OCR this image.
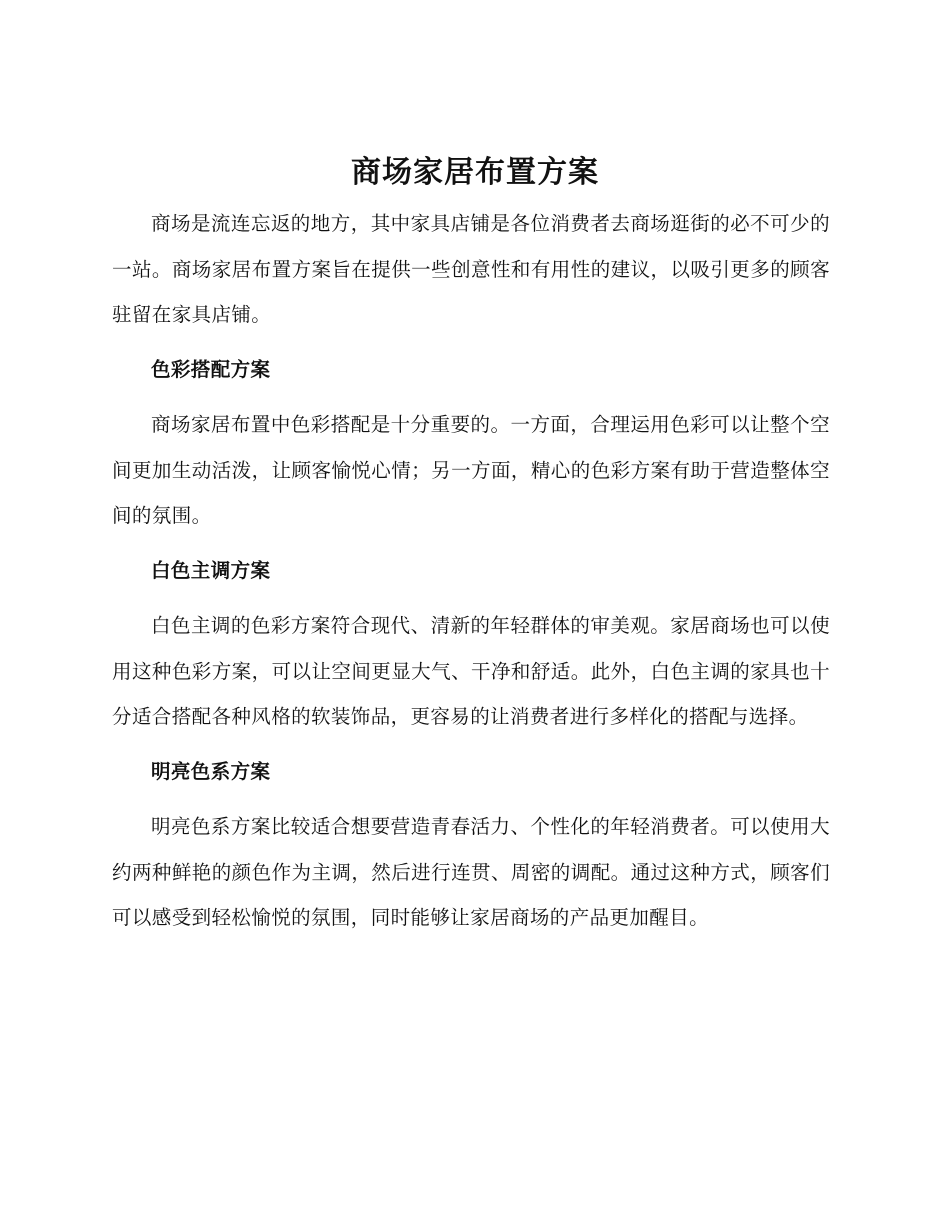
商场家居布置方案

商场是流连忘返的地方，其中家具店铺是各位消费者去商场逛街的必不可少的一站。商场家居布置方案旨在提供一些创意性和有用性的建议，以吸引更多的顾客驻留在家具店铺。

色彩搭配方案

商场家居布置中色彩搭配是十分重要的。一方面，合理运用色彩可以让整个空间更加生动活泼，让顾客愉悦心情；另一方面，精心的色彩方案有助于营造整体空间的氛围。

白色主调方案

白色主调的色彩方案符合现代、清新的年轻群体的审美观。家居商场也可以使用这种色彩方案，可以让空间更显大气、干净和舒适。此外，白色主调的家具也十分适合搭配各种风格的软装饰品，更容易的让消费者进行多样化的搭配与选择。

明亮色系方案

明亮色系方案比较适合想要营造青春活力、个性化的年轻消费者。可以使用大约两种鲜艳的颜色作为主调，然后进行连贯、周密的调配。通过这种方式，顾客们可以感受到轻松愉悦的氛围，同时能够让家居商场的产品更加醒目。
